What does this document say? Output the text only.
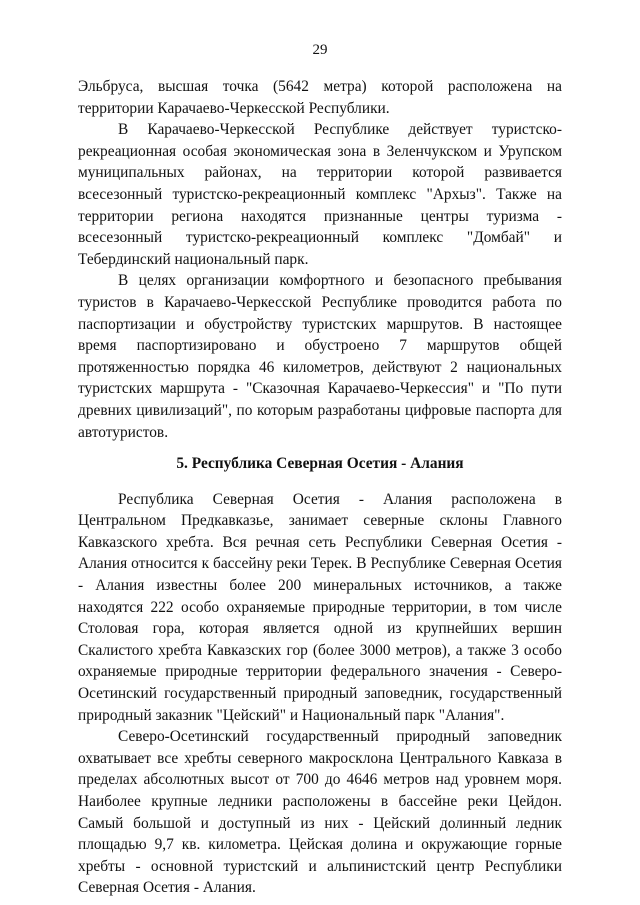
29

Эльбруса, высшая точка (5642 метра) которой расположена на территории Карачаево-Черкесской Республики.

В Карачаево-Черкесской Республике действует туристско-рекреационная особая экономическая зона в Зеленчукском и Урупском муниципальных районах, на территории которой развивается всесезонный туристско-рекреационный комплекс "Архыз". Также на территории региона находятся признанные центры туризма - всесезонный туристско-рекреационный комплекс "Домбай" и Тебердинский национальный парк.

В целях организации комфортного и безопасного пребывания туристов в Карачаево-Черкесской Республике проводится работа по паспортизации и обустройству туристских маршрутов. В настоящее время паспортизировано и обустроено 7 маршрутов общей протяженностью порядка 46 километров, действуют 2 национальных туристских маршрута - "Сказочная Карачаево-Черкессия" и "По пути древних цивилизаций", по которым разработаны цифровые паспорта для автотуристов.

5. Республика Северная Осетия - Алания

Республика Северная Осетия - Алания расположена в Центральном Предкавказье, занимает северные склоны Главного Кавказского хребта. Вся речная сеть Республики Северная Осетия - Алания относится к бассейну реки Терек. В Республике Северная Осетия - Алания известны более 200 минеральных источников, а также находятся 222 особо охраняемые природные территории, в том числе Столовая гора, которая является одной из крупнейших вершин Скалистого хребта Кавказских гор (более 3000 метров), а также 3 особо охраняемые природные территории федерального значения - Северо-Осетинский государственный природный заповедник, государственный природный заказник "Цейский" и Национальный парк "Алания".

Северо-Осетинский государственный природный заповедник охватывает все хребты северного макросклона Центрального Кавказа в пределах абсолютных высот от 700 до 4646 метров над уровнем моря. Наиболее крупные ледники расположены в бассейне реки Цейдон. Самый большой и доступный из них - Цейский долинный ледник площадью 9,7 кв. километра. Цейская долина и окружающие горные хребты - основной туристский и альпинистский центр Республики Северная Осетия - Алания.
